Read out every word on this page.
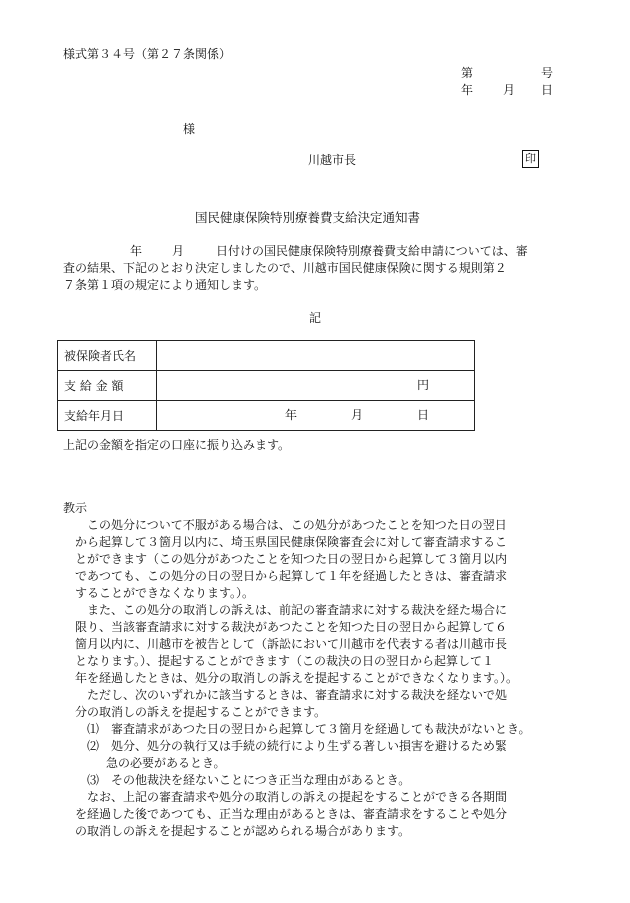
様式第３４号（第２７条関係）
第	号
年 月 日
様
川越市長	印
国民健康保険特別療養費支給決定通知書
年 月	日付けの国民健康保険特別療養費支給申請については、審
査の結果、下記のとおり決定しましたので、川越市国民健康保険に関する規則第２
７条第１項の規定により通知します。
記
被保険者氏名	
支 給 金 額	円

支給年月日	年 月 日
上記の金額を指定の口座に振り込みます。
教示
この処分について不服がある場合は、この処分があつたことを知つた日の翌日
から起算して３箇月以内に、埼玉県国民健康保険審査会に対して審査請求するこ
とができます（この処分があつたことを知つた日の翌日から起算して３箇月以内
であつても、この処分の日の翌日から起算して１年を経過したときは、審査請求
することができなくなります。）。
また、この処分の取消しの訴えは、前記の審査請求に対する裁決を経た場合に
限り、当該審査請求に対する裁決があつたことを知つた日の翌日から起算して６
箇月以内に、川越市を被告として（訴訟において川越市を代表する者は川越市長
となります。）、提起することができます（この裁決の日の翌日から起算して１
年を経過したときは、処分の取消しの訴えを提起することができなくなります。）。
ただし、次のいずれかに該当するときは、審査請求に対する裁決を経ないで処
分の取消しの訴えを提起することができます。
⑴　審査請求があつた日の翌日から起算して３箇月を経過しても裁決がないとき。
⑵　処分、処分の執行又は手続の続行により生ずる著しい損害を避けるため緊
急の必要があるとき。
⑶　その他裁決を経ないことにつき正当な理由があるとき。
なお、上記の審査請求や処分の取消しの訴えの提起をすることができる各期間
を経過した後であつても、正当な理由があるときは、審査請求をすることや処分
の取消しの訴えを提起することが認められる場合があります。
